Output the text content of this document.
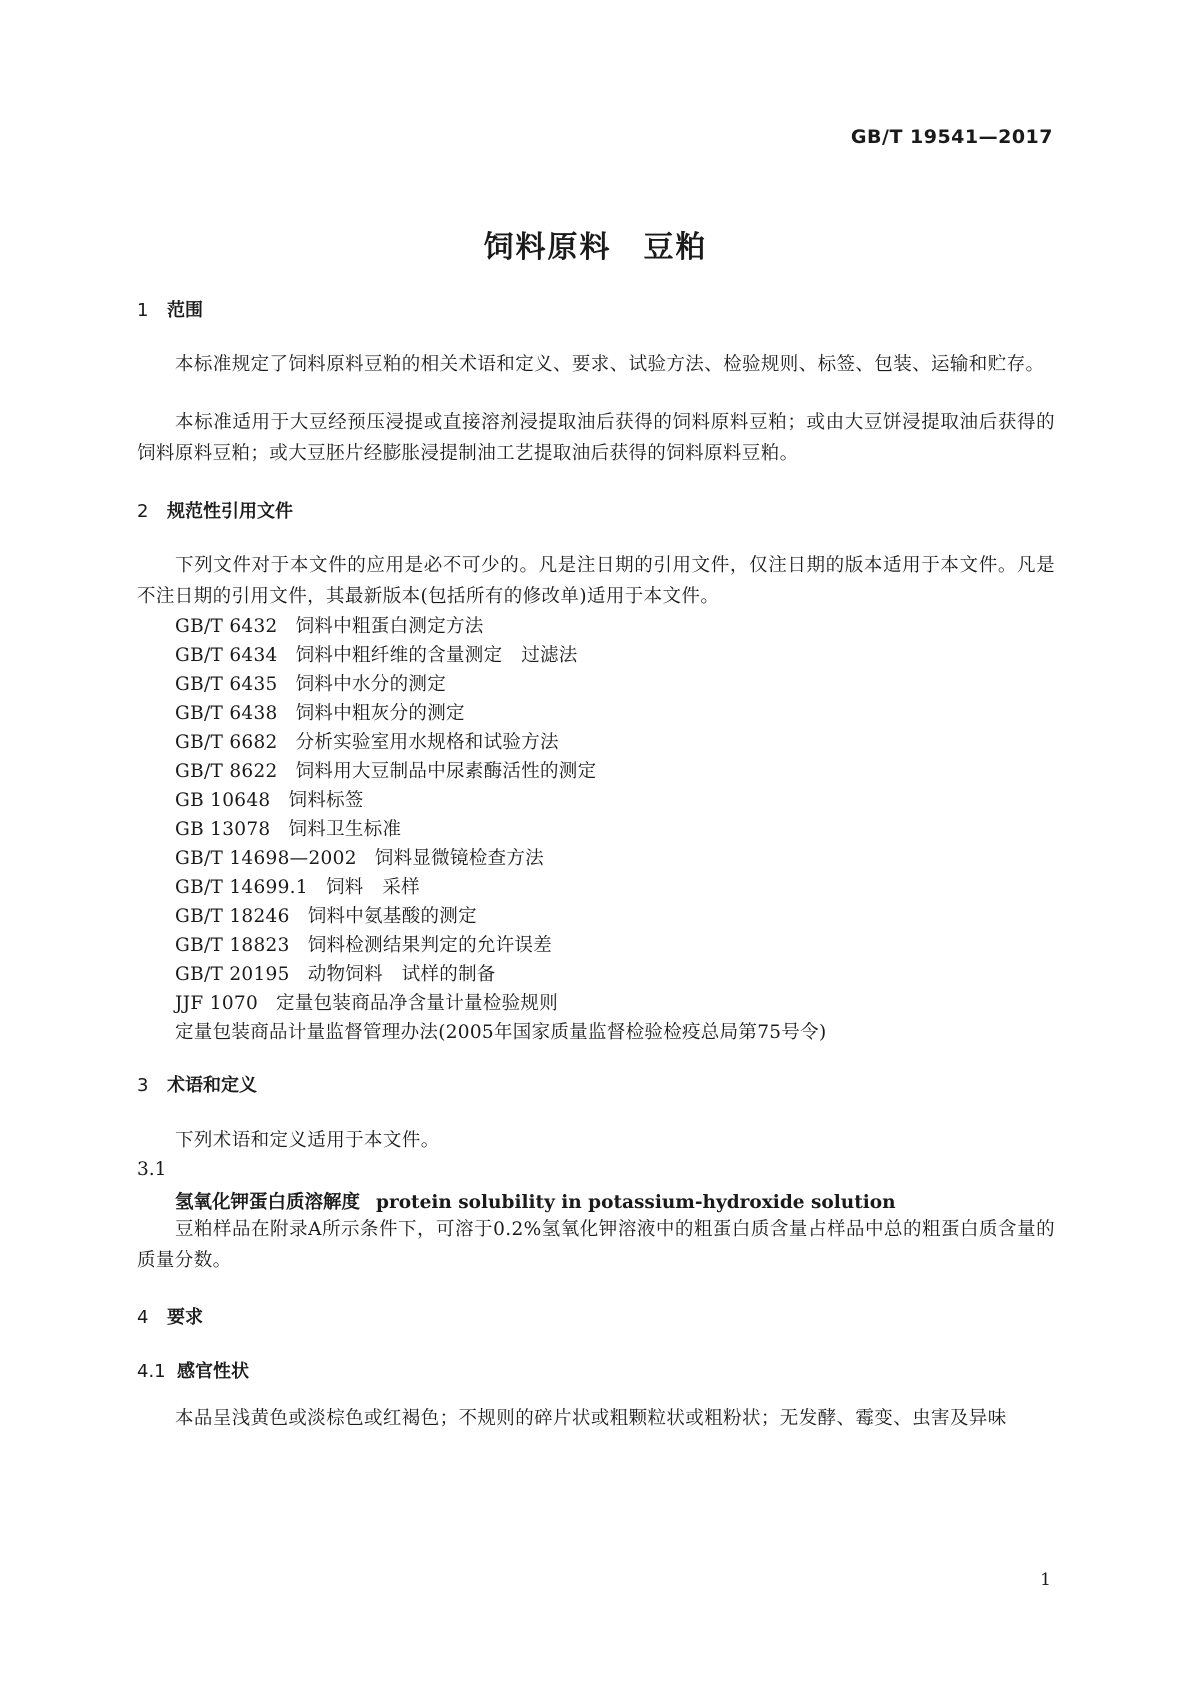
GB/T 19541—2017
饲料原料　豆粕
1 范围
本标准规定了饲料原料豆粕的相关术语和定义、要求、试验方法、检验规则、标签、包装、运输和贮存。
本标准适用于大豆经预压浸提或直接溶剂浸提取油后获得的饲料原料豆粕；或由大豆饼浸提取油后获得的饲料原料豆粕；或大豆胚片经膨胀浸提制油工艺提取油后获得的饲料原料豆粕。
2 规范性引用文件
下列文件对于本文件的应用是必不可少的。凡是注日期的引用文件，仅注日期的版本适用于本文件。凡是不注日期的引用文件，其最新版本(包括所有的修改单)适用于本文件。
GB/T 6432 饲料中粗蛋白测定方法
GB/T 6434 饲料中粗纤维的含量测定　过滤法
GB/T 6435 饲料中水分的测定
GB/T 6438 饲料中粗灰分的测定
GB/T 6682 分析实验室用水规格和试验方法
GB/T 8622 饲料用大豆制品中尿素酶活性的测定
GB 10648 饲料标签
GB 13078 饲料卫生标准
GB/T 14698—2002 饲料显微镜检查方法
GB/T 14699.1 饲料　采样
GB/T 18246 饲料中氨基酸的测定
GB/T 18823 饲料检测结果判定的允许误差
GB/T 20195 动物饲料　试样的制备
JJF 1070 定量包装商品净含量计量检验规则
定量包装商品计量监督管理办法(2005年国家质量监督检验检疫总局第75号令)
3 术语和定义
下列术语和定义适用于本文件。
3.1
氢氧化钾蛋白质溶解度 protein solubility in potassium-hydroxide solution
豆粕样品在附录A所示条件下，可溶于0.2%氢氧化钾溶液中的粗蛋白质含量占样品中总的粗蛋白质含量的质量分数。
4 要求
4.1 感官性状
本品呈浅黄色或淡棕色或红褐色；不规则的碎片状或粗颗粒状或粗粉状；无发酵、霉变、虫害及异味
1
